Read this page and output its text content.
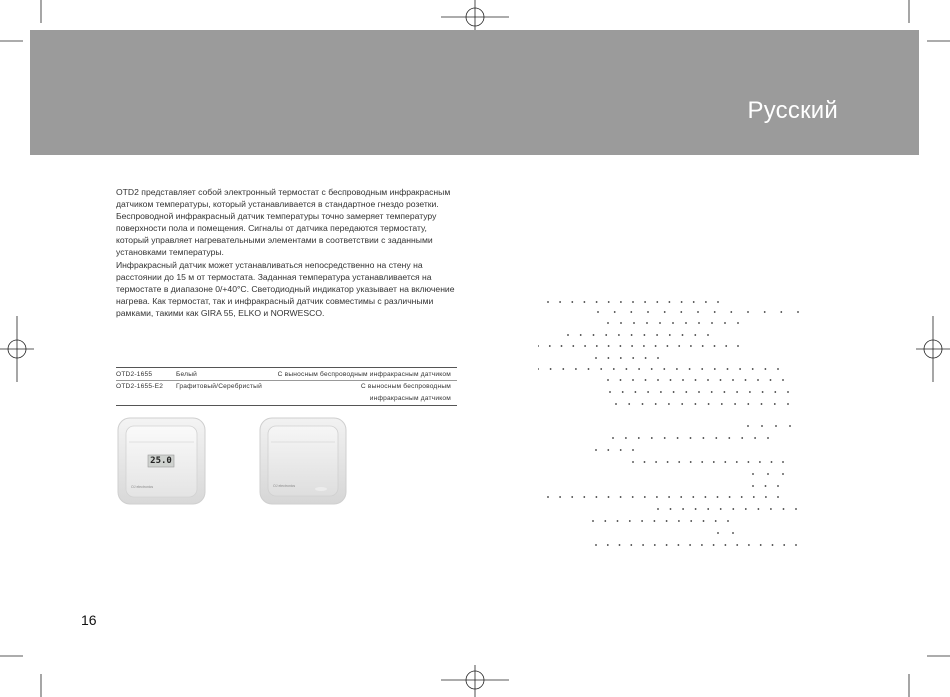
Русский

OTD2 представляет собой электронный термостат с беспроводным инфракрасным датчиком температуры, который устанавливается в стандартное гнездо розетки. Беспроводной инфракрасный датчик температуры точно замеряет температуру поверхности пола и помещения. Сигналы от датчика передаются термостату, который управляет нагревательными элементами в соответствии с заданными установками температуры.

Инфракрасный датчик может устанавливаться непосредственно на стену на расстоянии до 15 м от термостата. Заданная температура устанавливается на термостате в диапазоне 0/+40°С. Светодиодный индикатор указывает на включение нагрева. Как термостат, так и инфракрасный датчик совместимы с различными рамками, такими как GIRA 55, ELKO и NORWESCO.

OTD2-1655	Белый	С выносным беспроводным инфракрасным датчиком
OTD2-1655-E2 Графитовый/Серебристый	С выносным беспроводным
инфракрасным датчиком
25.0
OJ electronics	OJ electronics
16
